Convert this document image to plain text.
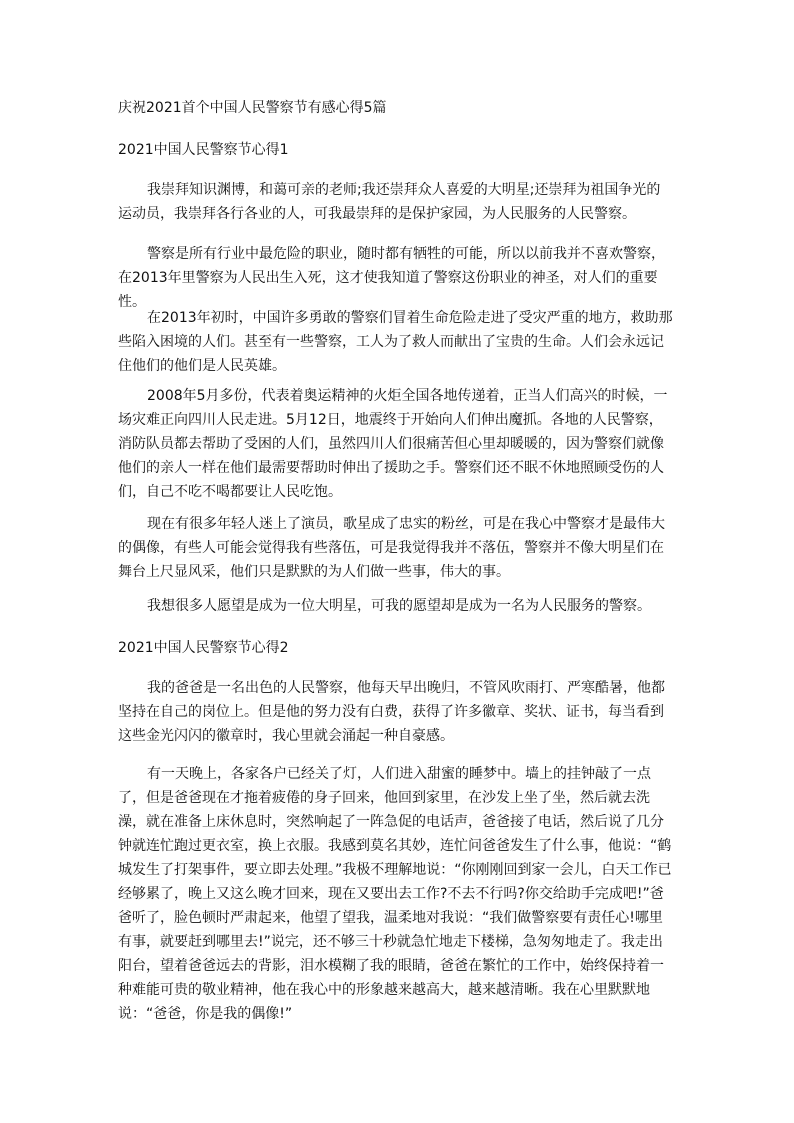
庆祝2021首个中国人民警察节有感心得5篇
2021中国人民警察节心得1

我崇拜知识渊博，和蔼可亲的老师;我还崇拜众人喜爱的大明星;还崇拜为祖国争光的运动员，我崇拜各行各业的人，可我最崇拜的是保护家园，为人民服务的人民警察。

警察是所有行业中最危险的职业，随时都有牺牲的可能，所以以前我并不喜欢警察，在2013年里警察为人民出生入死，这才使我知道了警察这份职业的神圣，对人们的重要性。

在2013年初时，中国许多勇敢的警察们冒着生命危险走进了受灾严重的地方，救助那些陷入困境的人们。甚至有一些警察，工人为了救人而献出了宝贵的生命。人们会永远记住他们的他们是人民英雄。

2008年5月多份，代表着奥运精神的火炬全国各地传递着，正当人们高兴的时候，一场灾难正向四川人民走进。5月12日，地震终于开始向人们伸出魔抓。各地的人民警察，消防队员都去帮助了受困的人们，虽然四川人们很痛苦但心里却暖暖的，因为警察们就像他们的亲人一样在他们最需要帮助时伸出了援助之手。警察们还不眠不休地照顾受伤的人们，自己不吃不喝都要让人民吃饱。

现在有很多年轻人迷上了演员，歌星成了忠实的粉丝，可是在我心中警察才是最伟大的偶像，有些人可能会觉得我有些落伍，可是我觉得我并不落伍，警察并不像大明星们在舞台上尺显风采，他们只是默默的为人们做一些事，伟大的事。

我想很多人愿望是成为一位大明星，可我的愿望却是成为一名为人民服务的警察。

2021中国人民警察节心得2

我的爸爸是一名出色的人民警察，他每天早出晚归，不管风吹雨打、严寒酷暑，他都坚持在自己的岗位上。但是他的努力没有白费，获得了许多徽章、奖状、证书，每当看到这些金光闪闪的徽章时，我心里就会涌起一种自豪感。

有一天晚上，各家各户已经关了灯，人们进入甜蜜的睡梦中。墙上的挂钟敲了一点了，但是爸爸现在才拖着疲倦的身子回来，他回到家里，在沙发上坐了坐，然后就去洗澡，就在准备上床休息时，突然响起了一阵急促的电话声，爸爸接了电话，然后说了几分钟就连忙跑过更衣室，换上衣服。我感到莫名其妙，连忙问爸爸发生了什么事，他说：“鹤城发生了打架事件，要立即去处理。”我极不理解地说：“你刚刚回到家一会儿，白天工作已经够累了，晚上又这么晚才回来，现在又要出去工作?不去不行吗?你交给助手完成吧!”爸爸听了，脸色顿时严肃起来，他望了望我，温柔地对我说：“我们做警察要有责任心!哪里有事，就要赶到哪里去!”说完，还不够三十秒就急忙地走下楼梯，急匆匆地走了。我走出阳台，望着爸爸远去的背影，泪水模糊了我的眼睛，爸爸在繁忙的工作中，始终保持着一种难能可贵的敬业精神，他在我心中的形象越来越高大，越来越清晰。我在心里默默地说：“爸爸，你是我的偶像!”
